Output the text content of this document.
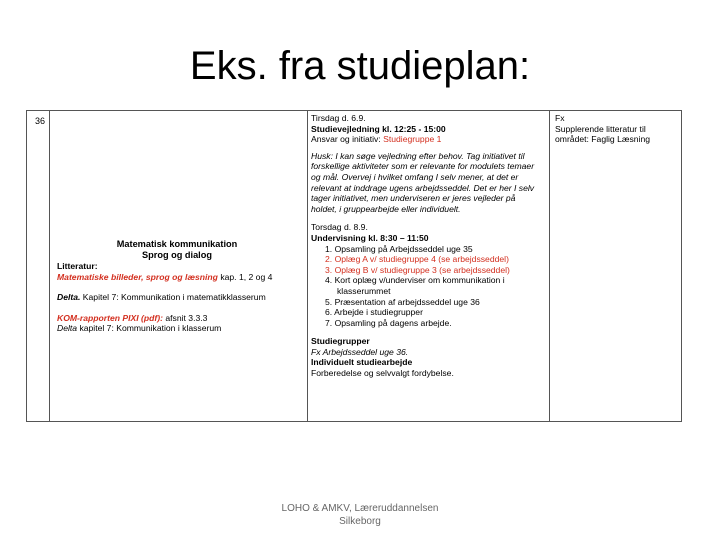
Eks. fra studieplan:
36
Matematisk kommunikation
Sprog og dialog
Litteratur:
Matematiske billeder, sprog og læsning kap. 1, 2 og 4
Delta. Kapitel 7: Kommunikation i matematikklasserum
KOM-rapporten PIXI (pdf): afsnit 3.3.3
Delta kapitel 7: Kommunikation i klasserum
Tirsdag d. 6.9.
Studievejledning kl. 12:25 - 15:00
Ansvar og initiativ: Studiegruppe 1
Husk: I kan søge vejledning efter behov. Tag initiativet til
forskellige aktiviteter som er relevante for modulets temaer
og mål. Overvej i hvilket omfang I selv mener, at det er
relevant at inddrage ugens arbejdsseddel. Det er her I selv
tager initiativet, men underviseren er jeres vejleder på
holdet, i gruppearbejde eller individuelt.
Torsdag d. 8.9.
Undervisning kl. 8:30 – 11:50
1. Opsamling på Arbejdsseddel uge 35
2. Oplæg A v/ studiegruppe 4 (se arbejdsseddel)
3. Oplæg B v/ studiegruppe 3 (se arbejdsseddel)
4. Kort oplæg v/underviser om kommunikation i klasserummet
5. Præsentation af arbejdsseddel uge 36
6. Arbejde i studiegrupper
7. Opsamling på dagens arbejde.
Studiegrupper
Fx Arbejdsseddel uge 36.
Individuelt studiearbejde
Forberedelse og selvvalgt fordybelse.
Fx
Supplerende litteratur til
området: Faglig Læsning
LOHO & AMKV, Læreruddannelsen
Silkeborg
